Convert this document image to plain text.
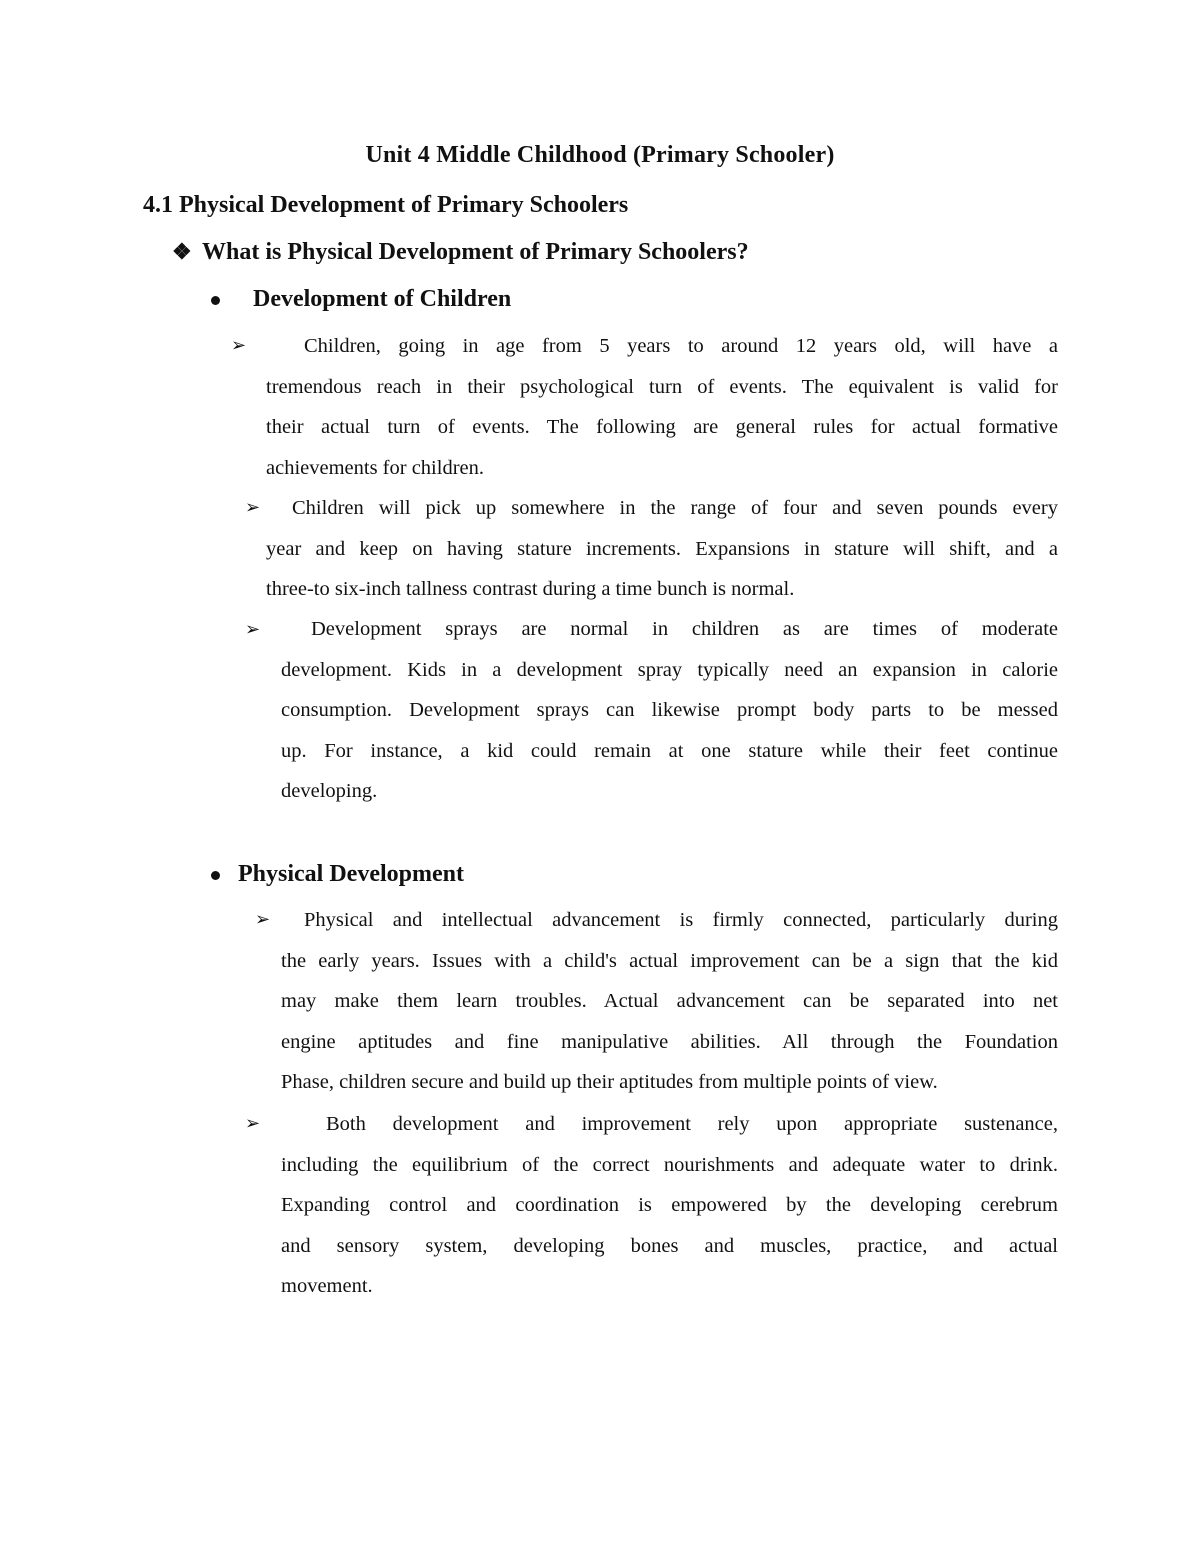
Unit 4 Middle Childhood (Primary Schooler)
4.1 Physical Development of Primary Schoolers
❖ What is Physical Development of Primary Schoolers?
Development of Children
➢	Children, going in age from 5 years to around 12 years old, will have a
tremendous reach in their psychological turn of events. The equivalent is valid for
their actual turn of events. The following are general rules for actual formative
achievements for children.
➢	Children will pick up somewhere in the range of four and seven pounds every
year and keep on having stature increments. Expansions in stature will shift, and a
three-to six-inch tallness contrast during a time bunch is normal.
➢	Development sprays are normal in children as are times of moderate
development. Kids in a development spray typically need an expansion in calorie
consumption. Development sprays can likewise prompt body parts to be messed
up. For instance, a kid could remain at one stature while their feet continue
developing.
Physical Development
➢	Physical and intellectual advancement is firmly connected, particularly during
the early years. Issues with a child's actual improvement can be a sign that the kid
may make them learn troubles. Actual advancement can be separated into net
engine aptitudes and fine manipulative abilities. All through the Foundation
Phase, children secure and build up their aptitudes from multiple points of view.
➢	Both development and improvement rely upon appropriate sustenance,
including the equilibrium of the correct nourishments and adequate water to drink.
Expanding control and coordination is empowered by the developing cerebrum
and sensory system, developing bones and muscles, practice, and actual
movement.
